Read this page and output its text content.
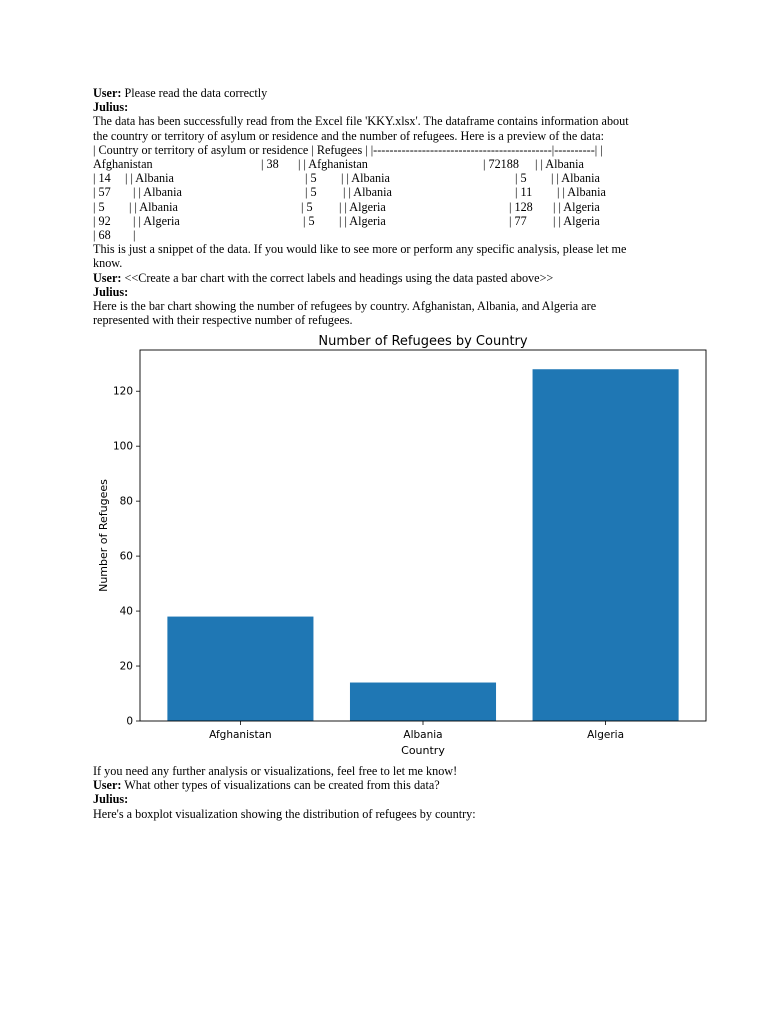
User: Please read the data correctly
Julius:
The data has been successfully read from the Excel file 'KKY.xlsx'. The dataframe contains information about
the country or territory of asylum or residence and the number of refugees. Here is a preview of the data:
| Country or territory of asylum or residence | Refugees | |--------------------------------------------|----------| |
Afghanistan	| 38 | | Afghanistan	| 72188 | | Albania
| 14 | | Albania	| 5 | | Albania	| 5 | | Albania
| 57 | | Albania	| 5 | | Albania	| 11 | | Albania
| 5 | | Albania	| 5 | | Algeria	| 128 | | Algeria
| 92 | | Algeria	| 5 | | Algeria	| 77 | | Algeria
| 68 |
This is just a snippet of the data. If you would like to see more or perform any specific analysis, please let me
know.
User: <<Create a bar chart with the correct labels and headings using the data pasted above>>
Julius:
Here is the bar chart showing the number of refugees by country. Afghanistan, Albania, and Algeria are
represented with their respective number of refugees.
Number of Refugees by Country
Number of Refugees
Country
0
20
40
60
80
100
120
Afghanistan	Albania	Algeria
If you need any further analysis or visualizations, feel free to let me know!
User: What other types of visualizations can be created from this data?
Julius:
Here's a boxplot visualization showing the distribution of refugees by country:
